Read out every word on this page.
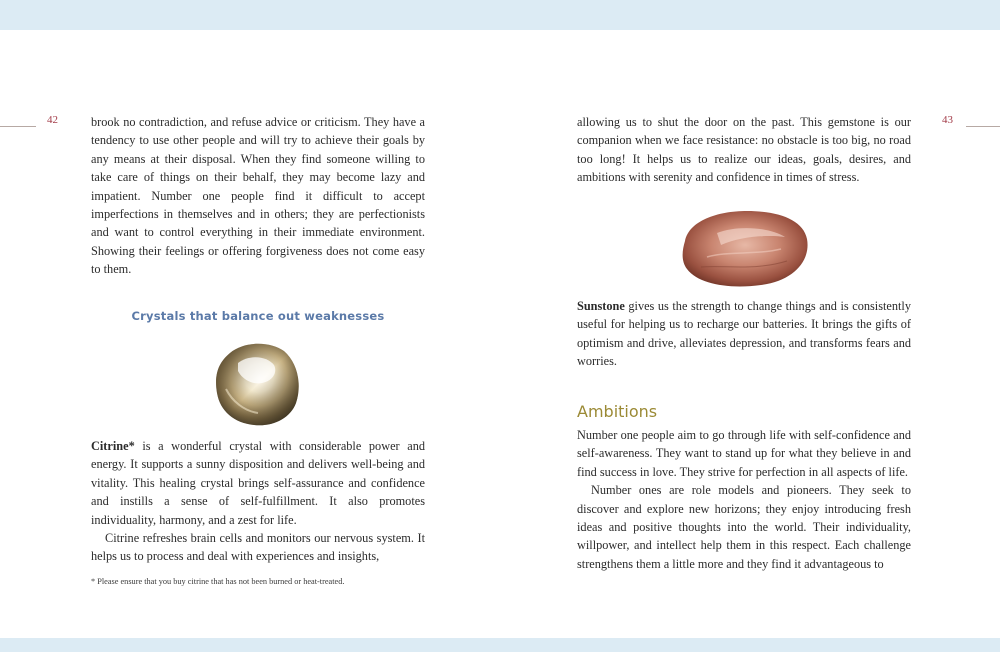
42	43

brook no contradiction, and refuse advice or criticism. They have a tendency to use other people and will try to achieve their goals by any means at their disposal. When they find someone willing to take care of things on their behalf, they may become lazy and impatient. Number one people find it difficult to accept imperfections in themselves and in others; they are perfectionists and want to control everything in their immediate environment. Showing their feelings or offering forgiveness does not come easy to them.

Crystals that balance out weaknesses

Citrine* is a wonderful crystal with considerable power and energy. It supports a sunny disposition and delivers well-being and vitality. This healing crystal brings self-assurance and confidence and instills a sense of self-fulfillment. It also promotes individuality, harmony, and a zest for life.

Citrine refreshes brain cells and monitors our nervous system. It helps us to process and deal with experiences and insights,

* Please ensure that you buy citrine that has not been burned or heat-treated.

allowing us to shut the door on the past. This gemstone is our companion when we face resistance: no obstacle is too big, no road too long! It helps us to realize our ideas, goals, desires, and ambitions with serenity and confidence in times of stress.

Sunstone gives us the strength to change things and is consistently useful for helping us to recharge our batteries. It brings the gifts of optimism and drive, alleviates depression, and transforms fears and worries.

Ambitions

Number one people aim to go through life with self-confidence and self-awareness. They want to stand up for what they believe in and find success in love. They strive for perfection in all aspects of life.

Number ones are role models and pioneers. They seek to discover and explore new horizons; they enjoy introducing fresh ideas and positive thoughts into the world. Their individuality, willpower, and intellect help them in this respect. Each challenge strengthens them a little more and they find it advantageous to
